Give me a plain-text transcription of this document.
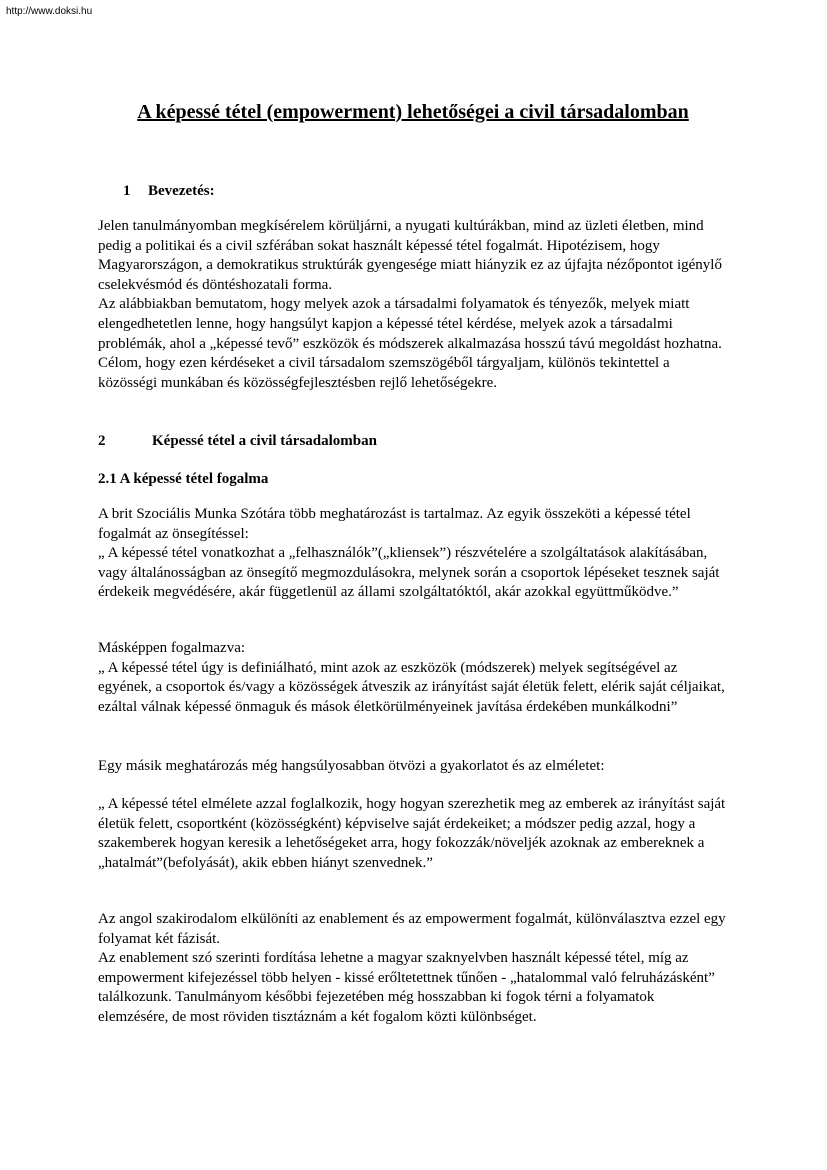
http://www.doksi.hu
A képessé tétel (empowerment) lehetőségei a civil társadalomban
1 Bevezetés:

Jelen tanulmányomban megkísérelem körüljárni, a nyugati kultúrákban, mind az üzleti életben, mind pedig a politikai és a civil szférában sokat használt képessé tétel fogalmát. Hipotézisem, hogy Magyarországon, a demokratikus struktúrák gyengesége miatt hiányzik ez az újfajta nézőpontot igénylő cselekvésmód és döntéshozatali forma.

Az alábbiakban bemutatom, hogy melyek azok a társadalmi folyamatok és tényezők, melyek miatt elengedhetetlen lenne, hogy hangsúlyt kapjon a képessé tétel kérdése, melyek azok a társadalmi problémák, ahol a „képessé tevő” eszközök és módszerek alkalmazása hosszú távú megoldást hozhatna.

Célom, hogy ezen kérdéseket a civil társadalom szemszögéből tárgyaljam, különös tekintettel a közösségi munkában és közösségfejlesztésben rejlő lehetőségekre.

2	Képessé tétel a civil társadalomban
2.1 A képessé tétel fogalma

A brit Szociális Munka Szótára több meghatározást is tartalmaz. Az egyik összeköti a képessé tétel fogalmát az önsegítéssel:

„ A képessé tétel vonatkozhat a „felhasználók”(„kliensek”) részvételére a szolgáltatások alakításában, vagy általánosságban az önsegítő megmozdulásokra, melynek során a csoportok lépéseket tesznek saját érdekeik megvédésére, akár függetlenül az állami szolgáltatóktól, akár azokkal együttműködve.”

Másképpen fogalmazva:

„ A képessé tétel úgy is definiálható, mint azok az eszközök (módszerek) melyek segítségével az egyének, a csoportok és/vagy a közösségek átveszik az irányítást saját életük felett, elérik saját céljaikat, ezáltal válnak képessé önmaguk és mások életkörülményeinek javítása érdekében munkálkodni”

Egy másik meghatározás még hangsúlyosabban ötvözi a gyakorlatot és az elméletet:

„ A képessé tétel elmélete azzal foglalkozik, hogy hogyan szerezhetik meg az emberek az irányítást saját életük felett, csoportként (közösségként) képviselve saját érdekeiket; a módszer pedig azzal, hogy a szakemberek hogyan keresik a lehetőségeket arra, hogy fokozzák/növeljék azoknak az embereknek a „hatalmát”(befolyását), akik ebben hiányt szenvednek.”

Az angol szakirodalom elkülöníti az enablement és az empowerment fogalmát, különválasztva ezzel egy folyamat két fázisát.

Az enablement szó szerinti fordítása lehetne a magyar szaknyelvben használt képessé tétel, míg az empowerment kifejezéssel több helyen - kissé erőltetettnek tűnően - „hatalommal való felruházásként” találkozunk. Tanulmányom későbbi fejezetében még hosszabban ki fogok térni a folyamatok elemzésére, de most röviden tisztáznám a két fogalom közti különbséget.
